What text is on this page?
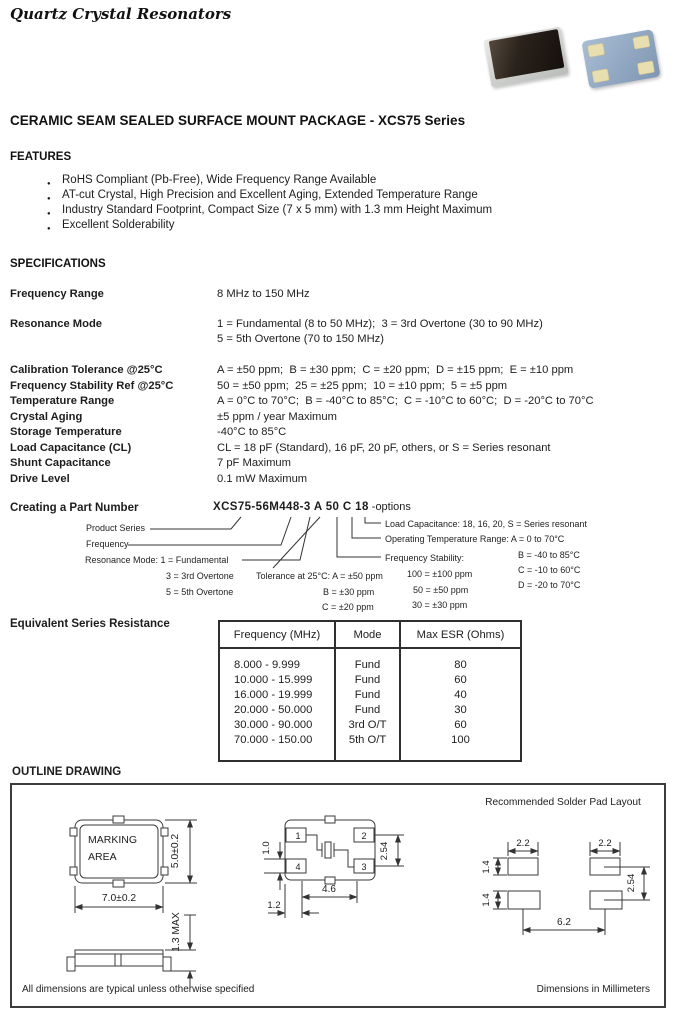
Quartz Crystal Resonators
CERAMIC SEAM SEALED SURFACE MOUNT PACKAGE - XCS75 Series
FEATURES
● RoHS Compliant (Pb-Free), Wide Frequency Range Available
● AT-cut Crystal, High Precision and Excellent Aging, Extended Temperature Range
● Industry Standard Footprint, Compact Size (7 x 5 mm) with 1.3 mm Height Maximum
● Excellent Solderability
SPECIFICATIONS
Frequency Range	8 MHz to 150 MHz
Resonance Mode	1 = Fundamental (8 to 50 MHz);  3 = 3rd Overtone (30 to 90 MHz)
5 = 5th Overtone (70 to 150 MHz)
Calibration Tolerance @25°C	A = ±50 ppm;  B = ±30 ppm;  C = ±20 ppm;  D = ±15 ppm;  E = ±10 ppm
Frequency Stability Ref @25°C	50 = ±50 ppm;  25 = ±25 ppm;  10 = ±10 ppm;  5 = ±5 ppm
Temperature Range	A = 0°C to 70°C;  B = -40°C to 85°C;  C = -10°C to 60°C;  D = -20°C to 70°C
Crystal Aging	±5 ppm / year Maximum
Storage Temperature	-40°C to 85°C
Load Capacitance (CL)	CL = 18 pF (Standard), 16 pF, 20 pF, others, or S = Series resonant
Shunt Capacitance	7 pF Maximum
Drive Level	0.1 mW Maximum
Creating a Part Number	XCS75-56M448-3 A 50 C 18 -options
Product Series
Frequency
Resonance Mode: 1 = Fundamental
3 = 3rd Overtone
5 = 5th Overtone
Tolerance at 25°C: A = ±50 ppm
B = ±30 ppm
C = ±20 ppm
Frequency Stability:
100 = ±100 ppm
50 = ±50 ppm
30 = ±30 ppm
Load Capacitance: 18, 16, 20, S = Series resonant
Operating Temperature Range: A = 0 to 70°C
B = -40 to 85°C
C = -10 to 60°C
D = -20 to 70°C
Equivalent Series Resistance
Frequency (MHz)	Mode	Max ESR (Ohms)
8.000 - 9.999	Fund	80
10.000 - 15.999	Fund	60
16.000 - 19.999	Fund	40
20.000 - 50.000	Fund	30
30.000 - 90.000	3rd O/T	60
70.000 - 150.00	5th O/T	100
OUTLINE DRAWING
MARKING
AREA
7.0±0.2
5.0±0.2
1.3 MAX
1	2
3
4
1.0	2.54
4.6
1.2
Recommended Solder Pad Layout
2.2	2.2
1.4
1.4
2.54
6.2
All dimensions are typical unless otherwise specified	Dimensions in Millimeters
